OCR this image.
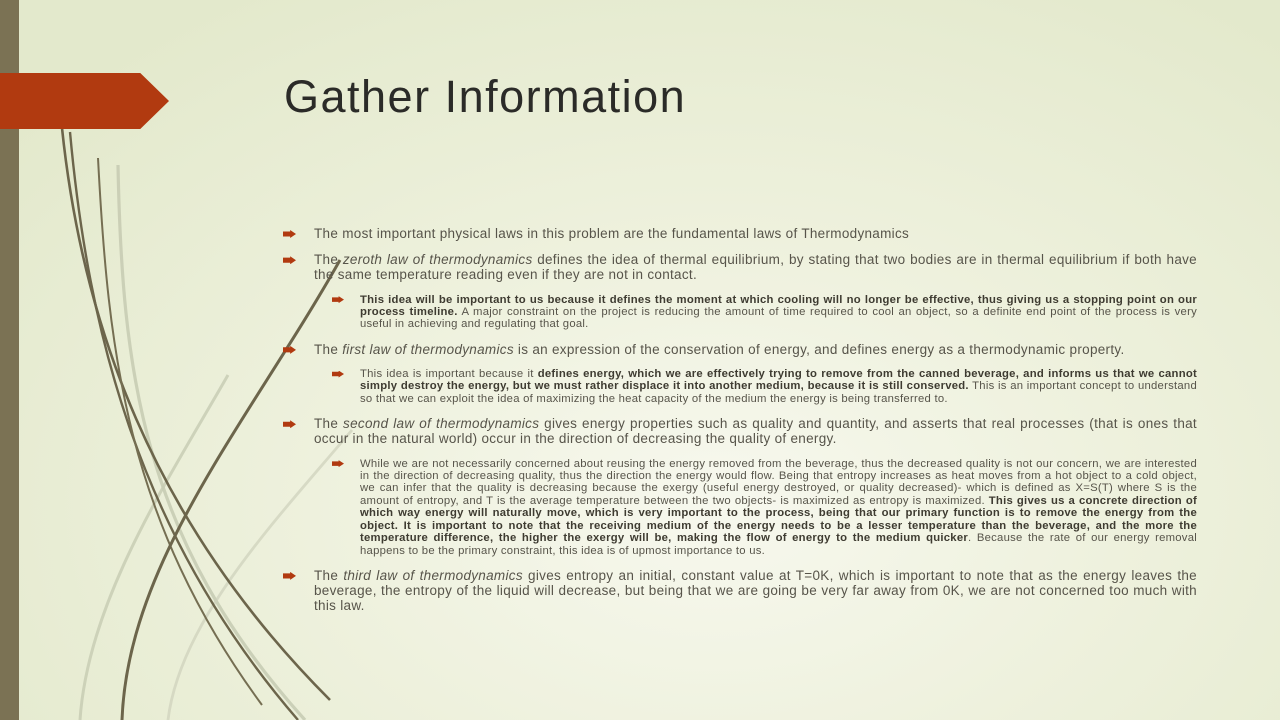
Gather Information

The most important physical laws in this problem are the fundamental laws of Thermodynamics

The zeroth law of thermodynamics defines the idea of thermal equilibrium, by stating that two bodies are in thermal equilibrium if both have the same temperature reading even if they are not in contact.

This idea will be important to us because it defines the moment at which cooling will no longer be effective, thus giving us a stopping point on our process timeline. A major constraint on the project is reducing the amount of time required to cool an object, so a definite end point of the process is very useful in achieving and regulating that goal.

The first law of thermodynamics is an expression of the conservation of energy, and defines energy as a thermodynamic property.

This idea is important because it defines energy, which we are effectively trying to remove from the canned beverage, and informs us that we cannot simply destroy the energy, but we must rather displace it into another medium, because it is still conserved. This is an important concept to understand so that we can exploit the idea of maximizing the heat capacity of the medium the energy is being transferred to.

The second law of thermodynamics gives energy properties such as quality and quantity, and asserts that real processes (that is ones that occur in the natural world) occur in the direction of decreasing the quality of energy.

While we are not necessarily concerned about reusing the energy removed from the beverage, thus the decreased quality is not our concern, we are interested in the direction of decreasing quality, thus the direction the energy would flow. Being that entropy increases as heat moves from a hot object to a cold object, we can infer that the quality is decreasing because the exergy (useful energy destroyed, or quality decreased)- which is defined as X=S(T) where S is the amount of entropy, and T is the average temperature between the two objects- is maximized as entropy is maximized. This gives us a concrete direction of which way energy will naturally move, which is very important to the process, being that our primary function is to remove the energy from the object. It is important to note that the receiving medium of the energy needs to be a lesser temperature than the beverage, and the more the temperature difference, the higher the exergy will be, making the flow of energy to the medium quicker. Because the rate of our energy removal happens to be the primary constraint, this idea is of upmost importance to us.

The third law of thermodynamics gives entropy an initial, constant value at T=0K, which is important to note that as the energy leaves the beverage, the entropy of the liquid will decrease, but being that we are going be very far away from 0K, we are not concerned too much with this law.
